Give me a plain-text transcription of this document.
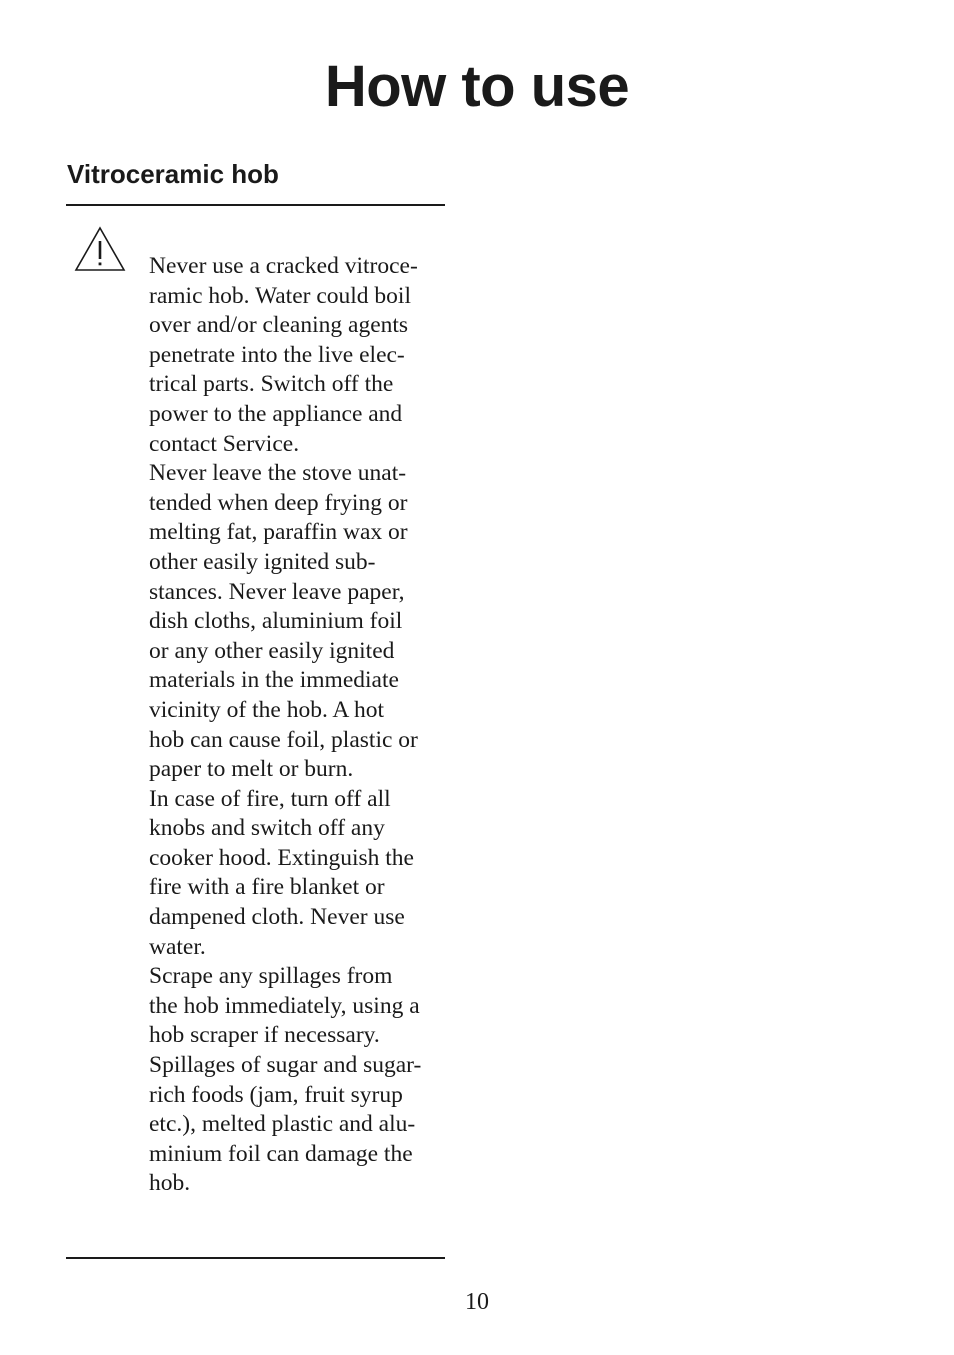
How to use
Vitroceramic hob
Never use a cracked vitroce-
ramic hob. Water could boil
over and/or cleaning agents
penetrate into the live elec-
trical parts. Switch off the
power to the appliance and
contact Service.
Never leave the stove unat-
tended when deep frying or
melting fat, paraffin wax or
other easily ignited sub-
stances. Never leave paper,
dish cloths, aluminium foil
or any other easily ignited
materials in the immediate
vicinity of the hob. A hot
hob can cause foil, plastic or
paper to melt or burn.
In case of fire, turn off all
knobs and switch off any
cooker hood. Extinguish the
fire with a fire blanket or
dampened cloth. Never use
water.
Scrape any spillages from
the hob immediately, using a
hob scraper if necessary.
Spillages of sugar and sugar-
rich foods (jam, fruit syrup
etc.), melted plastic and alu-
minium foil can damage the
hob.
10
